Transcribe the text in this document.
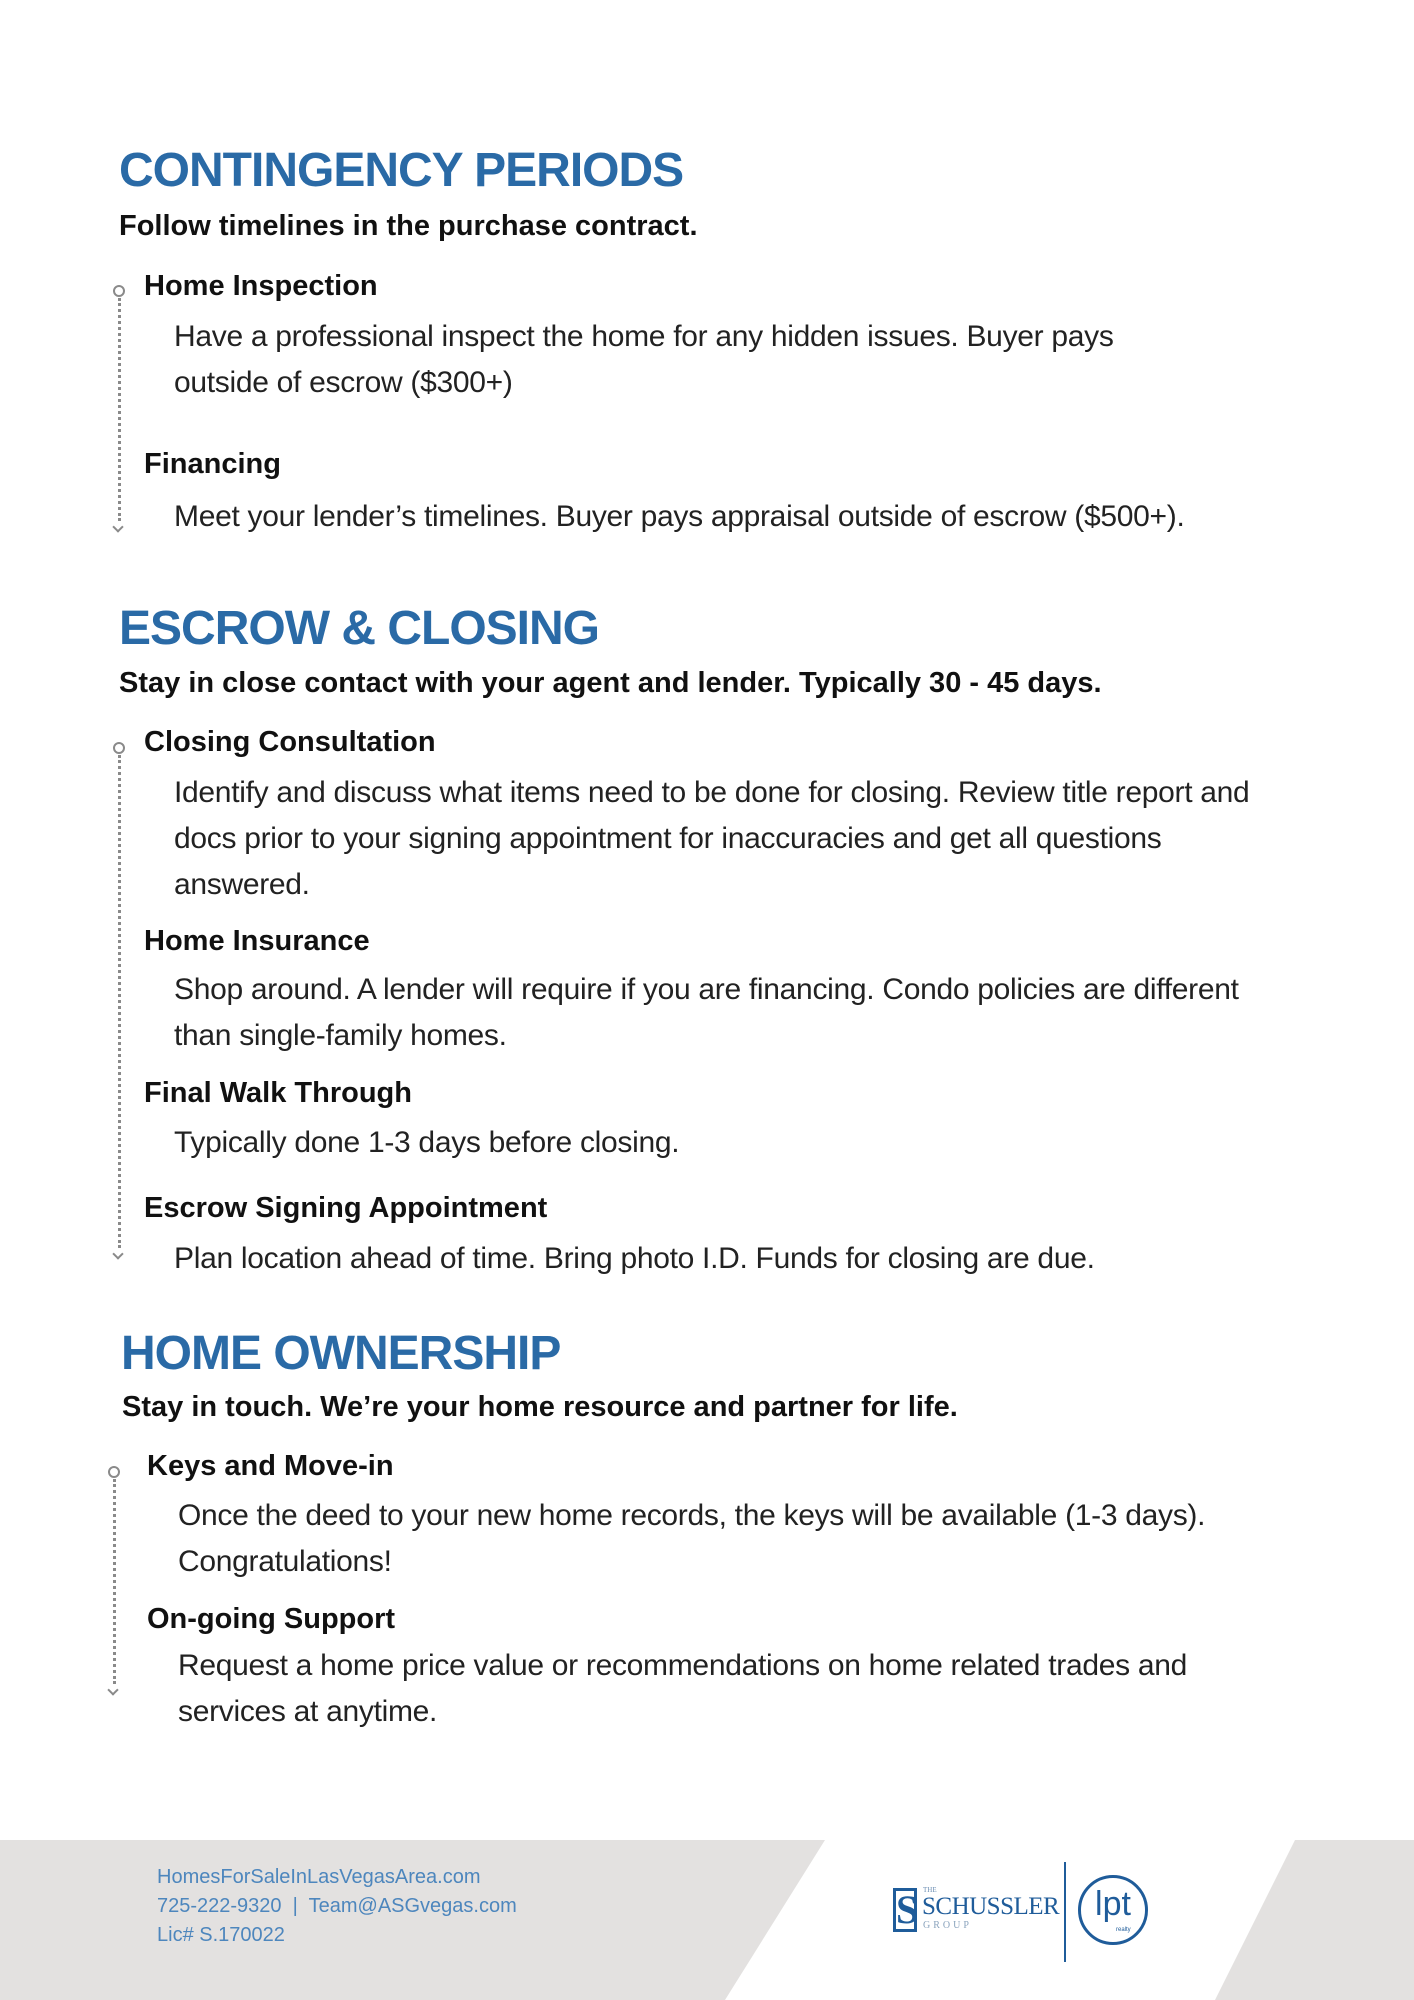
CONTINGENCY PERIODS

Follow timelines in the purchase contract.

Home Inspection

Have a professional inspect the home for any hidden issues. Buyer pays outside of escrow ($300+)

Financing

Meet your lender’s timelines. Buyer pays appraisal outside of escrow ($500+).

ESCROW & CLOSING

Stay in close contact with your agent and lender. Typically 30 - 45 days.

Closing Consultation

Identify and discuss what items need to be done for closing. Review title report and docs prior to your signing appointment for inaccuracies and get all questions answered.

Home Insurance

Shop around. A lender will require if you are financing. Condo policies are different than single-family homes.

Final Walk Through

Typically done 1-3 days before closing.

Escrow Signing Appointment

Plan location ahead of time. Bring photo I.D. Funds for closing are due.

HOME OWNERSHIP

Stay in touch. We’re your home resource and partner for life.

Keys and Move-in

Once the deed to your new home records, the keys will be available (1-3 days). Congratulations!

On-going Support

Request a home price value or recommendations on home related trades and services at anytime.

HomesForSaleInLasVegasArea.com

725-222-9320  |  Team@ASGvegas.com

Lic# S.170022

S THE
SCHUSSLER
GROUP
lpt
realty
